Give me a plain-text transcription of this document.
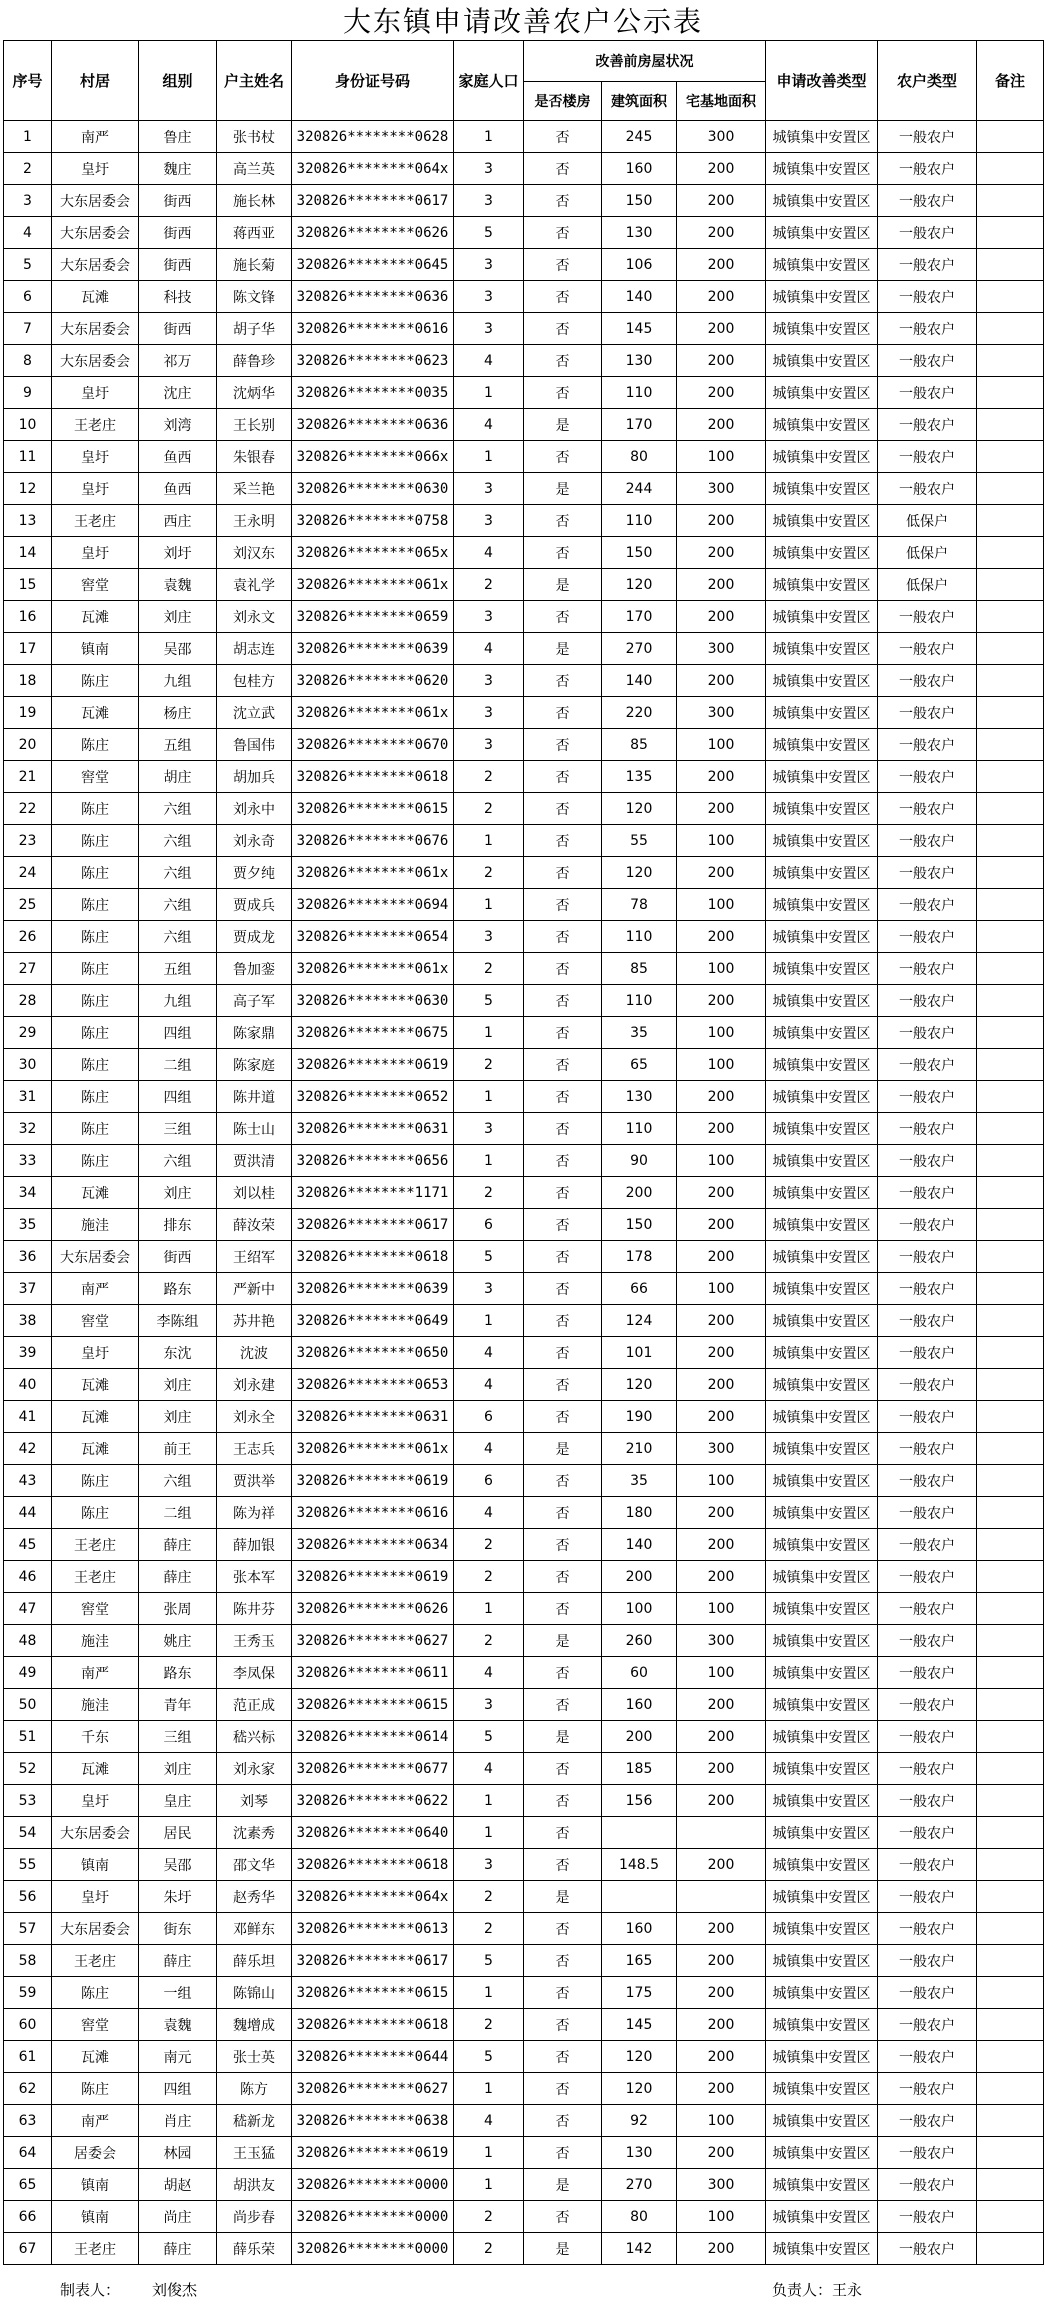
大东镇申请改善农户公示表
序号	村居	组别	户主姓名	身份证号码	家庭人口	改善前房屋状况			申请改善类型	农户类型	备注
						是否楼房	建筑面积	宅基地面积			
1	南严	鲁庄	张书杖	320826********0628	1	否	245	300	城镇集中安置区	一般农户	
2	皇圩	魏庄	高兰英	320826********064x	3	否	160	200	城镇集中安置区	一般农户	
3	大东居委会	街西	施长林	320826********0617	3	否	150	200	城镇集中安置区	一般农户	
4	大东居委会	街西	蒋西亚	320826********0626	5	否	130	200	城镇集中安置区	一般农户	
5	大东居委会	街西	施长菊	320826********0645	3	否	106	200	城镇集中安置区	一般农户	
6	瓦滩	科技	陈文锋	320826********0636	3	否	140	200	城镇集中安置区	一般农户	
7	大东居委会	街西	胡子华	320826********0616	3	否	145	200	城镇集中安置区	一般农户	
8	大东居委会	祁万	薛鲁珍	320826********0623	4	否	130	200	城镇集中安置区	一般农户	
9	皇圩	沈庄	沈炳华	320826********0035	1	否	110	200	城镇集中安置区	一般农户	
10	王老庄	刘湾	王长别	320826********0636	4	是	170	200	城镇集中安置区	一般农户	
11	皇圩	鱼西	朱银春	320826********066x	1	否	80	100	城镇集中安置区	一般农户	
12	皇圩	鱼西	采兰艳	320826********0630	3	是	244	300	城镇集中安置区	一般农户	
13	王老庄	西庄	王永明	320826********0758	3	否	110	200	城镇集中安置区	低保户	
14	皇圩	刘圩	刘汉东	320826********065x	4	否	150	200	城镇集中安置区	低保户	
15	窖堂	袁魏	袁礼学	320826********061x	2	是	120	200	城镇集中安置区	低保户	
16	瓦滩	刘庄	刘永文	320826********0659	3	否	170	200	城镇集中安置区	一般农户	
17	镇南	吴邵	胡志连	320826********0639	4	是	270	300	城镇集中安置区	一般农户	
18	陈庄	九组	包桂方	320826********0620	3	否	140	200	城镇集中安置区	一般农户	
19	瓦滩	杨庄	沈立武	320826********061x	3	否	220	300	城镇集中安置区	一般农户	
20	陈庄	五组	鲁国伟	320826********0670	3	否	85	100	城镇集中安置区	一般农户	
21	窖堂	胡庄	胡加兵	320826********0618	2	否	135	200	城镇集中安置区	一般农户	
22	陈庄	六组	刘永中	320826********0615	2	否	120	200	城镇集中安置区	一般农户	
23	陈庄	六组	刘永奇	320826********0676	1	否	55	100	城镇集中安置区	一般农户	
24	陈庄	六组	贾夕纯	320826********061x	2	否	120	200	城镇集中安置区	一般农户	
25	陈庄	六组	贾成兵	320826********0694	1	否	78	100	城镇集中安置区	一般农户	
26	陈庄	六组	贾成龙	320826********0654	3	否	110	200	城镇集中安置区	一般农户	
27	陈庄	五组	鲁加銮	320826********061x	2	否	85	100	城镇集中安置区	一般农户	
28	陈庄	九组	高子军	320826********0630	5	否	110	200	城镇集中安置区	一般农户	
29	陈庄	四组	陈家鼎	320826********0675	1	否	35	100	城镇集中安置区	一般农户	
30	陈庄	二组	陈家庭	320826********0619	2	否	65	100	城镇集中安置区	一般农户	
31	陈庄	四组	陈井道	320826********0652	1	否	130	200	城镇集中安置区	一般农户	
32	陈庄	三组	陈士山	320826********0631	3	否	110	200	城镇集中安置区	一般农户	
33	陈庄	六组	贾洪清	320826********0656	1	否	90	100	城镇集中安置区	一般农户	
34	瓦滩	刘庄	刘以桂	320826********1171	2	否	200	200	城镇集中安置区	一般农户	
35	施洼	排东	薛汝荣	320826********0617	6	否	150	200	城镇集中安置区	一般农户	
36	大东居委会	街西	王绍军	320826********0618	5	否	178	200	城镇集中安置区	一般农户	
37	南严	路东	严新中	320826********0639	3	否	66	100	城镇集中安置区	一般农户	
38	窖堂	李陈组	苏井艳	320826********0649	1	否	124	200	城镇集中安置区	一般农户	
39	皇圩	东沈	沈波	320826********0650	4	否	101	200	城镇集中安置区	一般农户	
40	瓦滩	刘庄	刘永建	320826********0653	4	否	120	200	城镇集中安置区	一般农户	
41	瓦滩	刘庄	刘永全	320826********0631	6	否	190	200	城镇集中安置区	一般农户	
42	瓦滩	前王	王志兵	320826********061x	4	是	210	300	城镇集中安置区	一般农户	
43	陈庄	六组	贾洪举	320826********0619	6	否	35	100	城镇集中安置区	一般农户	
44	陈庄	二组	陈为祥	320826********0616	4	否	180	200	城镇集中安置区	一般农户	
45	王老庄	薛庄	薛加银	320826********0634	2	否	140	200	城镇集中安置区	一般农户	
46	王老庄	薛庄	张本军	320826********0619	2	否	200	200	城镇集中安置区	一般农户	
47	窖堂	张周	陈井芬	320826********0626	1	否	100	100	城镇集中安置区	一般农户	
48	施洼	姚庄	王秀玉	320826********0627	2	是	260	300	城镇集中安置区	一般农户	
49	南严	路东	李凤保	320826********0611	4	否	60	100	城镇集中安置区	一般农户	
50	施洼	青年	范正成	320826********0615	3	否	160	200	城镇集中安置区	一般农户	
51	千东	三组	嵇兴标	320826********0614	5	是	200	200	城镇集中安置区	一般农户	
52	瓦滩	刘庄	刘永家	320826********0677	4	否	185	200	城镇集中安置区	一般农户	
53	皇圩	皇庄	刘琴	320826********0622	1	否	156	200	城镇集中安置区	一般农户	
54	大东居委会	居民	沈素秀	320826********0640	1	否			城镇集中安置区	一般农户	
55	镇南	吴邵	邵文华	320826********0618	3	否	148.5	200	城镇集中安置区	一般农户	
56	皇圩	朱圩	赵秀华	320826********064x	2	是			城镇集中安置区	一般农户	
57	大东居委会	街东	邓鲜东	320826********0613	2	否	160	200	城镇集中安置区	一般农户	
58	王老庄	薛庄	薛乐坦	320826********0617	5	否	165	200	城镇集中安置区	一般农户	
59	陈庄	一组	陈锦山	320826********0615	1	否	175	200	城镇集中安置区	一般农户	
60	窖堂	袁魏	魏增成	320826********0618	2	否	145	200	城镇集中安置区	一般农户	
61	瓦滩	南元	张士英	320826********0644	5	否	120	200	城镇集中安置区	一般农户	
62	陈庄	四组	陈方	320826********0627	1	否	120	200	城镇集中安置区	一般农户	
63	南严	肖庄	嵇新龙	320826********0638	4	否	92	100	城镇集中安置区	一般农户	
64	居委会	林园	王玉猛	320826********0619	1	否	130	200	城镇集中安置区	一般农户	
65	镇南	胡赵	胡洪友	320826********0000	1	是	270	300	城镇集中安置区	一般农户	
66	镇南	尚庄	尚步春	320826********0000	2	否	80	100	城镇集中安置区	一般农户	
67	王老庄	薛庄	薛乐荣	320826********0000	2	是	142	200	城镇集中安置区	一般农户	
制表人： 刘俊杰	负责人：王永
